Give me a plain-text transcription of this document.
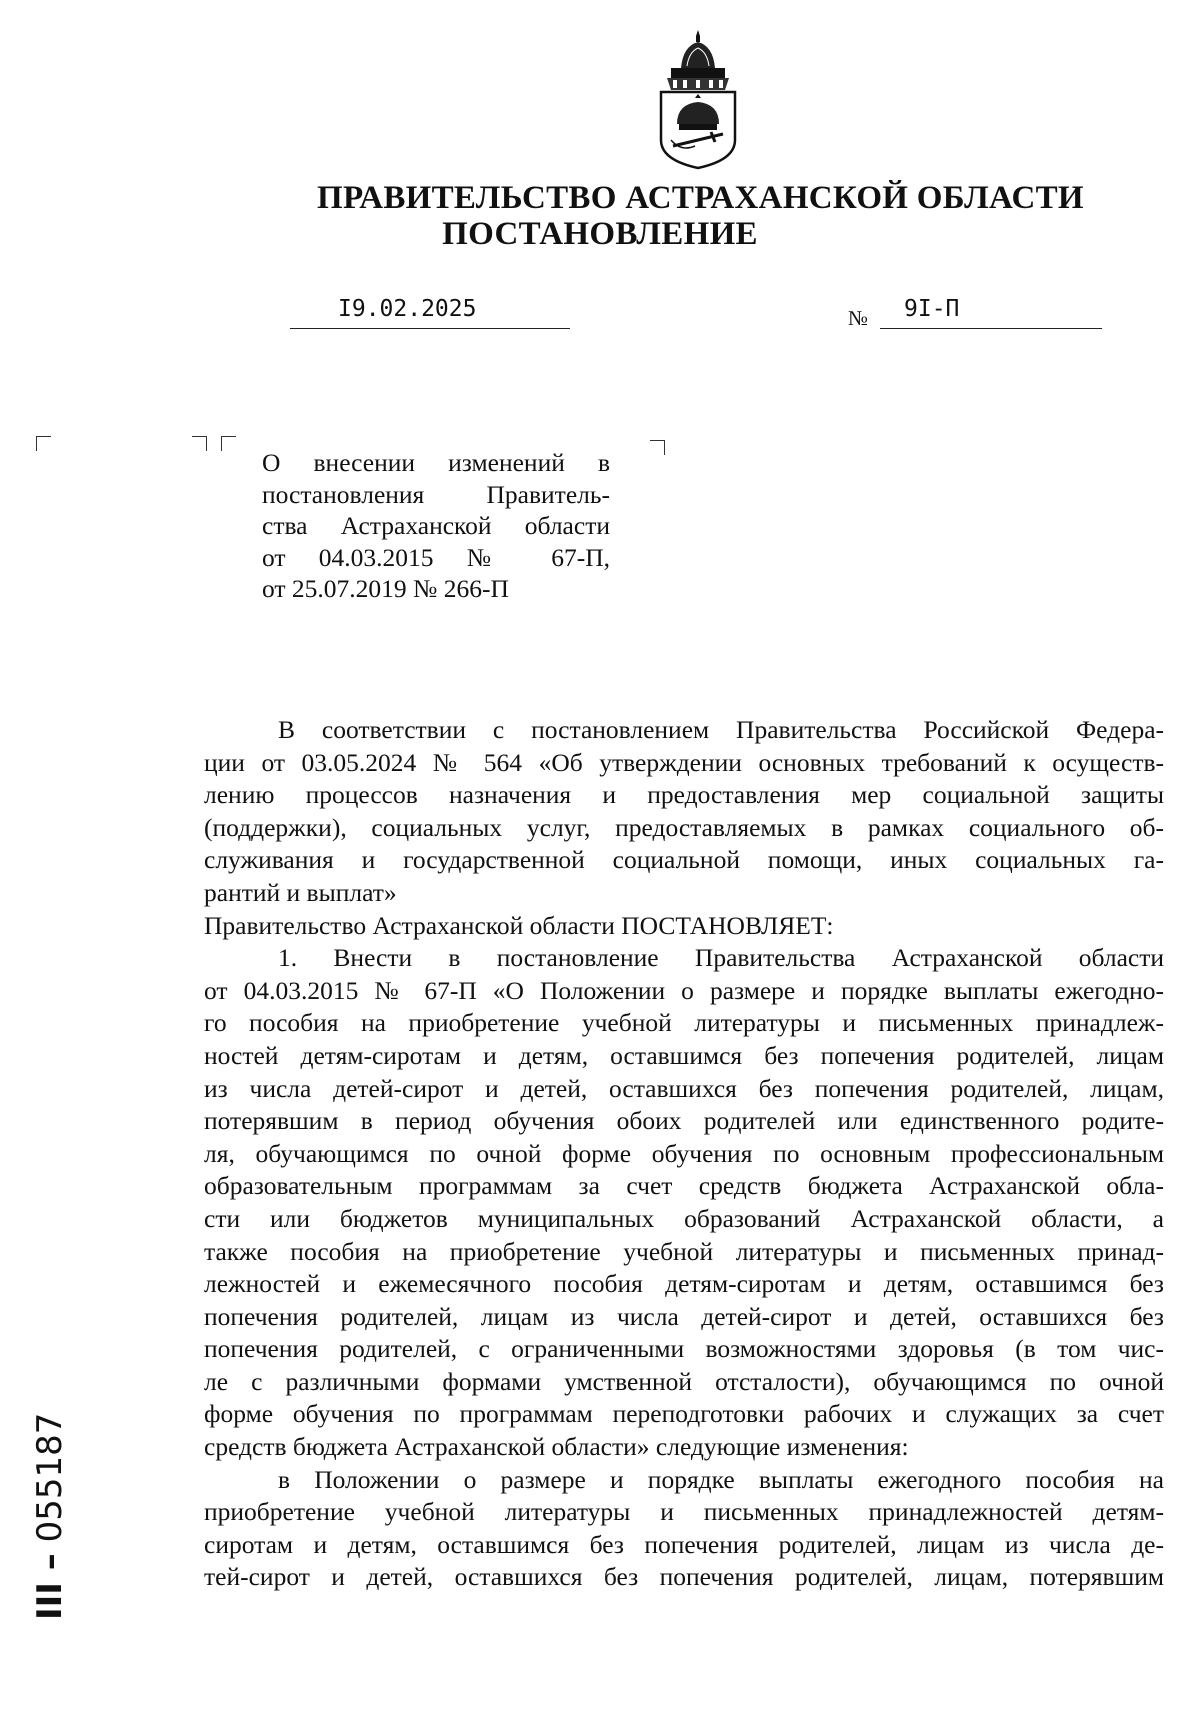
ПРАВИТЕЛЬСТВО АСТРАХАНСКОЙ ОБЛАСТИ
ПОСТАНОВЛЕНИЕ
I9.02.2025	№	9I-П
О внесении изменений в
постановления Правитель-
ства Астраханской области
от 04.03.2015 № 67-П,
от 25.07.2019 № 266-П
В соответствии с постановлением Правительства Российской Федера-
ции от 03.05.2024 № 564 «Об утверждении основных требований к осуществ-
лению процессов назначения и предоставления мер социальной защиты
(поддержки), социальных услуг, предоставляемых в рамках социального об-
служивания и государственной социальной помощи, иных социальных га-
рантий и выплат»
Правительство Астраханской области ПОСТАНОВЛЯЕТ:
1. Внести в постановление Правительства Астраханской области
от 04.03.2015 № 67-П «О Положении о размере и порядке выплаты ежегодно-
го пособия на приобретение учебной литературы и письменных принадлеж-
ностей детям-сиротам и детям, оставшимся без попечения родителей, лицам
из числа детей-сирот и детей, оставшихся без попечения родителей, лицам,
потерявшим в период обучения обоих родителей или единственного родите-
ля, обучающимся по очной форме обучения по основным профессиональным
образовательным программам за счет средств бюджета Астраханской обла-
сти или бюджетов муниципальных образований Астраханской области, а
также пособия на приобретение учебной литературы и письменных принад-
лежностей и ежемесячного пособия детям-сиротам и детям, оставшимся без
попечения родителей, лицам из числа детей-сирот и детей, оставшихся без
попечения родителей, с ограниченными возможностями здоровья (в том чис-
ле с различными формами умственной отсталости), обучающимся по очной
форме обучения по программам переподготовки рабочих и служащих за счет
средств бюджета Астраханской области» следующие изменения:
в Положении о размере и порядке выплаты ежегодного пособия на
приобретение учебной литературы и письменных принадлежностей детям-
сиротам и детям, оставшимся без попечения родителей, лицам из числа де-
тей-сирот и детей, оставшихся без попечения родителей, лицам, потерявшим
ІІІ – 055187
